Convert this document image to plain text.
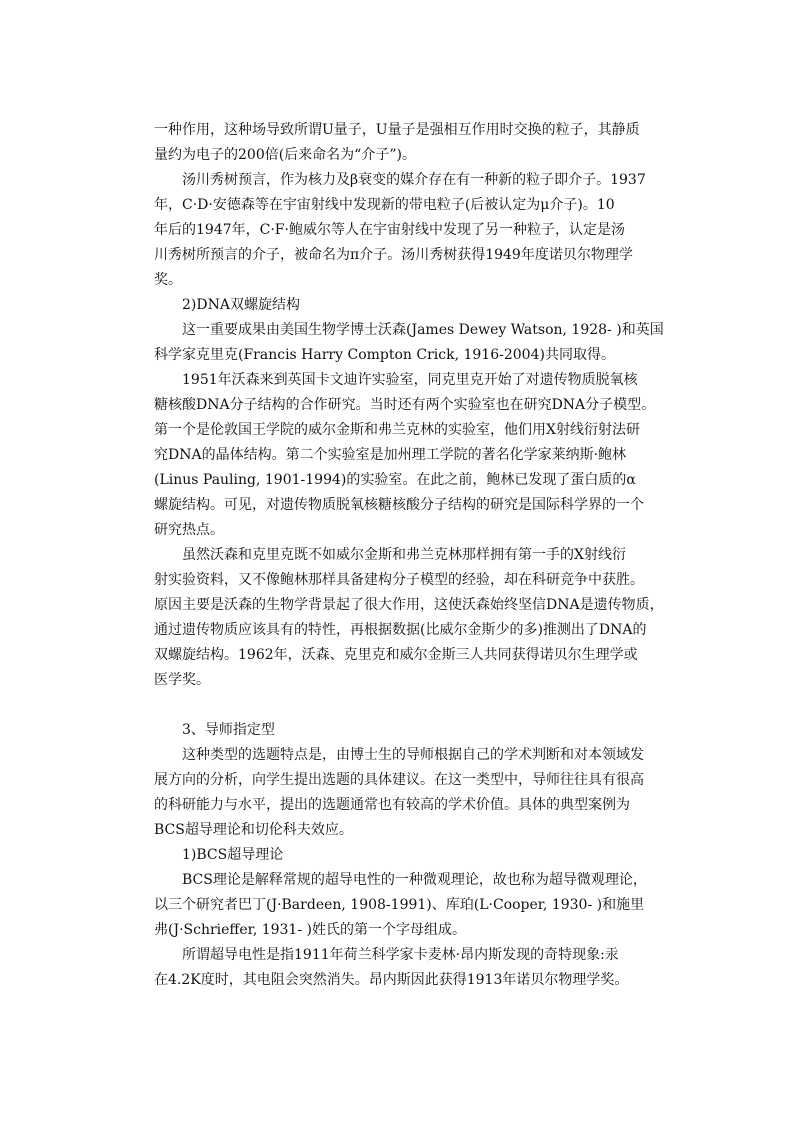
一种作用，这种场导致所谓U量子，U量子是强相互作用时交换的粒子，其静质
量约为电子的200倍(后来命名为“介子”)。
汤川秀树预言，作为核力及β衰变的媒介存在有一种新的粒子即介子。1937
年，C·D·安德森等在宇宙射线中发现新的带电粒子(后被认定为μ介子)。10
年后的1947年，C·F·鲍威尔等人在宇宙射线中发现了另一种粒子，认定是汤
川秀树所预言的介子，被命名为π介子。汤川秀树获得1949年度诺贝尔物理学
奖。
2)DNA双螺旋结构
这一重要成果由美国生物学博士沃森(James Dewey Watson, 1928- )和英国
科学家克里克(Francis Harry Compton Crick, 1916-2004)共同取得。
1951年沃森来到英国卡文迪许实验室，同克里克开始了对遗传物质脱氧核
糖核酸DNA分子结构的合作研究。当时还有两个实验室也在研究DNA分子模型。
第一个是伦敦国王学院的威尔金斯和弗兰克林的实验室，他们用X射线衍射法研
究DNA的晶体结构。第二个实验室是加州理工学院的著名化学家莱纳斯·鲍林
(Linus Pauling, 1901-1994)的实验室。在此之前，鲍林已发现了蛋白质的α
螺旋结构。可见，对遗传物质脱氧核糖核酸分子结构的研究是国际科学界的一个
研究热点。
虽然沃森和克里克既不如威尔金斯和弗兰克林那样拥有第一手的X射线衍
射实验资料，又不像鲍林那样具备建构分子模型的经验，却在科研竞争中获胜。
原因主要是沃森的生物学背景起了很大作用，这使沃森始终坚信DNA是遗传物质，
通过遗传物质应该具有的特性，再根据数据(比威尔金斯少的多)推测出了DNA的
双螺旋结构。1962年，沃森、克里克和威尔金斯三人共同获得诺贝尔生理学或
医学奖。
3、导师指定型
这种类型的选题特点是，由博士生的导师根据自己的学术判断和对本领域发
展方向的分析，向学生提出选题的具体建议。在这一类型中，导师往往具有很高
的科研能力与水平，提出的选题通常也有较高的学术价值。具体的典型案例为
BCS超导理论和切伦科夫效应。
1)BCS超导理论
BCS理论是解释常规的超导电性的一种微观理论，故也称为超导微观理论，
以三个研究者巴丁(J·Bardeen, 1908-1991)、库珀(L·Cooper, 1930- )和施里
弗(J·Schrieffer, 1931- )姓氏的第一个字母组成。
所谓超导电性是指1911年荷兰科学家卡麦林·昂内斯发现的奇特现象:汞
在4.2K度时，其电阻会突然消失。昂内斯因此获得1913年诺贝尔物理学奖。
